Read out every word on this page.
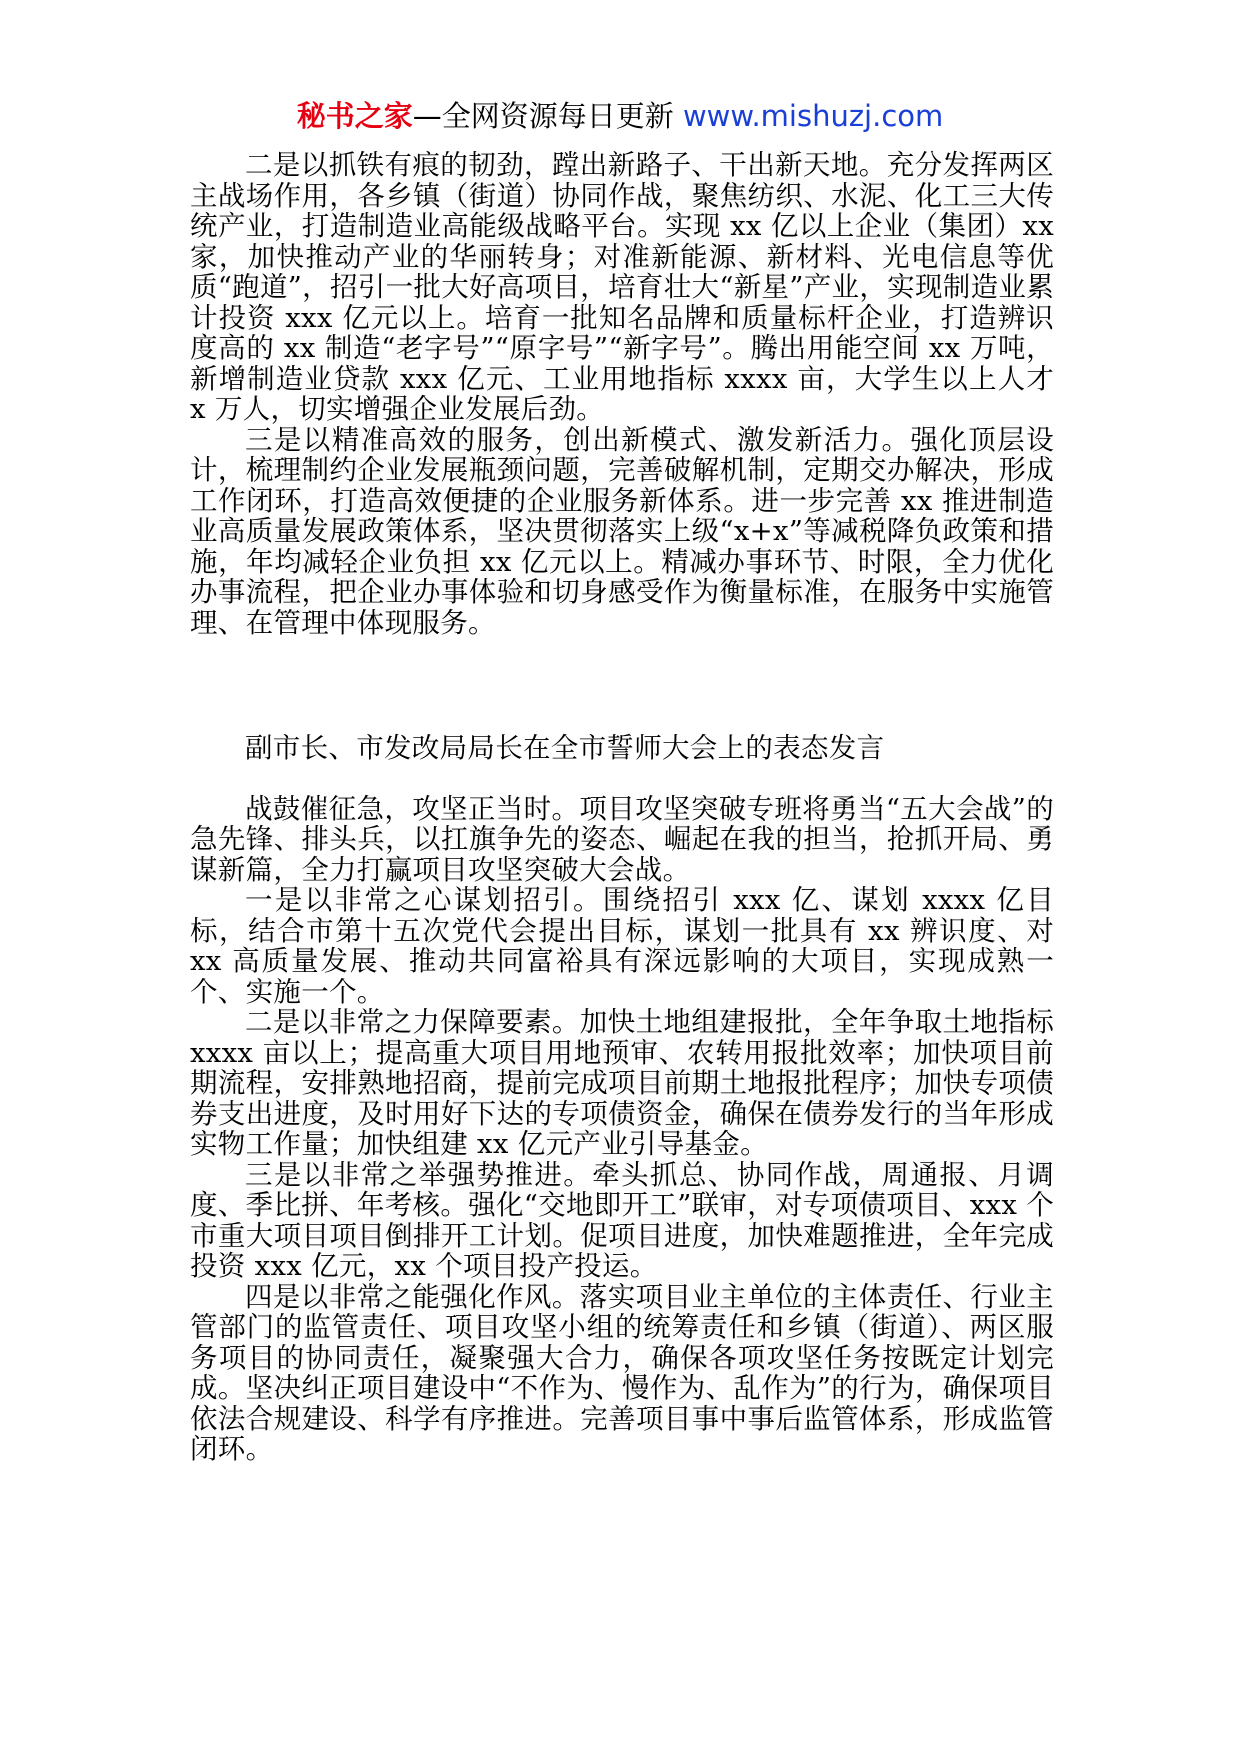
秘书之家—全网资源每日更新 www.mishuzj.com

二是以抓铁有痕的韧劲，蹚出新路子、干出新天地。充分发挥两区主战场作用，各乡镇（街道）协同作战，聚焦纺织、水泥、化工三大传统产业，打造制造业高能级战略平台。实现 xx 亿以上企业（集团）xx 家，加快推动产业的华丽转身；对准新能源、新材料、光电信息等优质“跑道”，招引一批大好高项目，培育壮大“新星”产业，实现制造业累计投资 xxx 亿元以上。培育一批知名品牌和质量标杆企业，打造辨识度高的 xx 制造“老字号”“原字号”“新字号”。腾出用能空间 xx 万吨，新增制造业贷款 xxx 亿元、工业用地指标 xxxx 亩，大学生以上人才 x 万人，切实增强企业发展后劲。

三是以精准高效的服务，创出新模式、激发新活力。强化顶层设计，梳理制约企业发展瓶颈问题，完善破解机制，定期交办解决，形成工作闭环，打造高效便捷的企业服务新体系。进一步完善 xx 推进制造业高质量发展政策体系，坚决贯彻落实上级“x+x”等减税降负政策和措施，年均减轻企业负担 xx 亿元以上。精减办事环节、时限，全力优化办事流程，把企业办事体验和切身感受作为衡量标准，在服务中实施管理、在管理中体现服务。

副市长、市发改局局长在全市誓师大会上的表态发言

战鼓催征急，攻坚正当时。项目攻坚突破专班将勇当“五大会战”的急先锋、排头兵，以扛旗争先的姿态、崛起在我的担当，抢抓开局、勇谋新篇，全力打赢项目攻坚突破大会战。

一是以非常之心谋划招引。围绕招引 xxx 亿、谋划 xxxx 亿目标，结合市第十五次党代会提出目标，谋划一批具有 xx 辨识度、对 xx 高质量发展、推动共同富裕具有深远影响的大项目，实现成熟一个、实施一个。

二是以非常之力保障要素。加快土地组建报批，全年争取土地指标 xxxx 亩以上；提高重大项目用地预审、农转用报批效率；加快项目前期流程，安排熟地招商，提前完成项目前期土地报批程序；加快专项债券支出进度，及时用好下达的专项债资金，确保在债券发行的当年形成实物工作量；加快组建 xx 亿元产业引导基金。

三是以非常之举强势推进。牵头抓总、协同作战，周通报、月调度、季比拼、年考核。强化“交地即开工”联审，对专项债项目、xxx 个市重大项目项目倒排开工计划。促项目进度，加快难题推进，全年完成投资 xxx 亿元，xx 个项目投产投运。

四是以非常之能强化作风。落实项目业主单位的主体责任、行业主管部门的监管责任、项目攻坚小组的统筹责任和乡镇（街道）、两区服务项目的协同责任，凝聚强大合力，确保各项攻坚任务按既定计划完成。坚决纠正项目建设中“不作为、慢作为、乱作为”的行为，确保项目依法合规建设、科学有序推进。完善项目事中事后监管体系，形成监管闭环。
